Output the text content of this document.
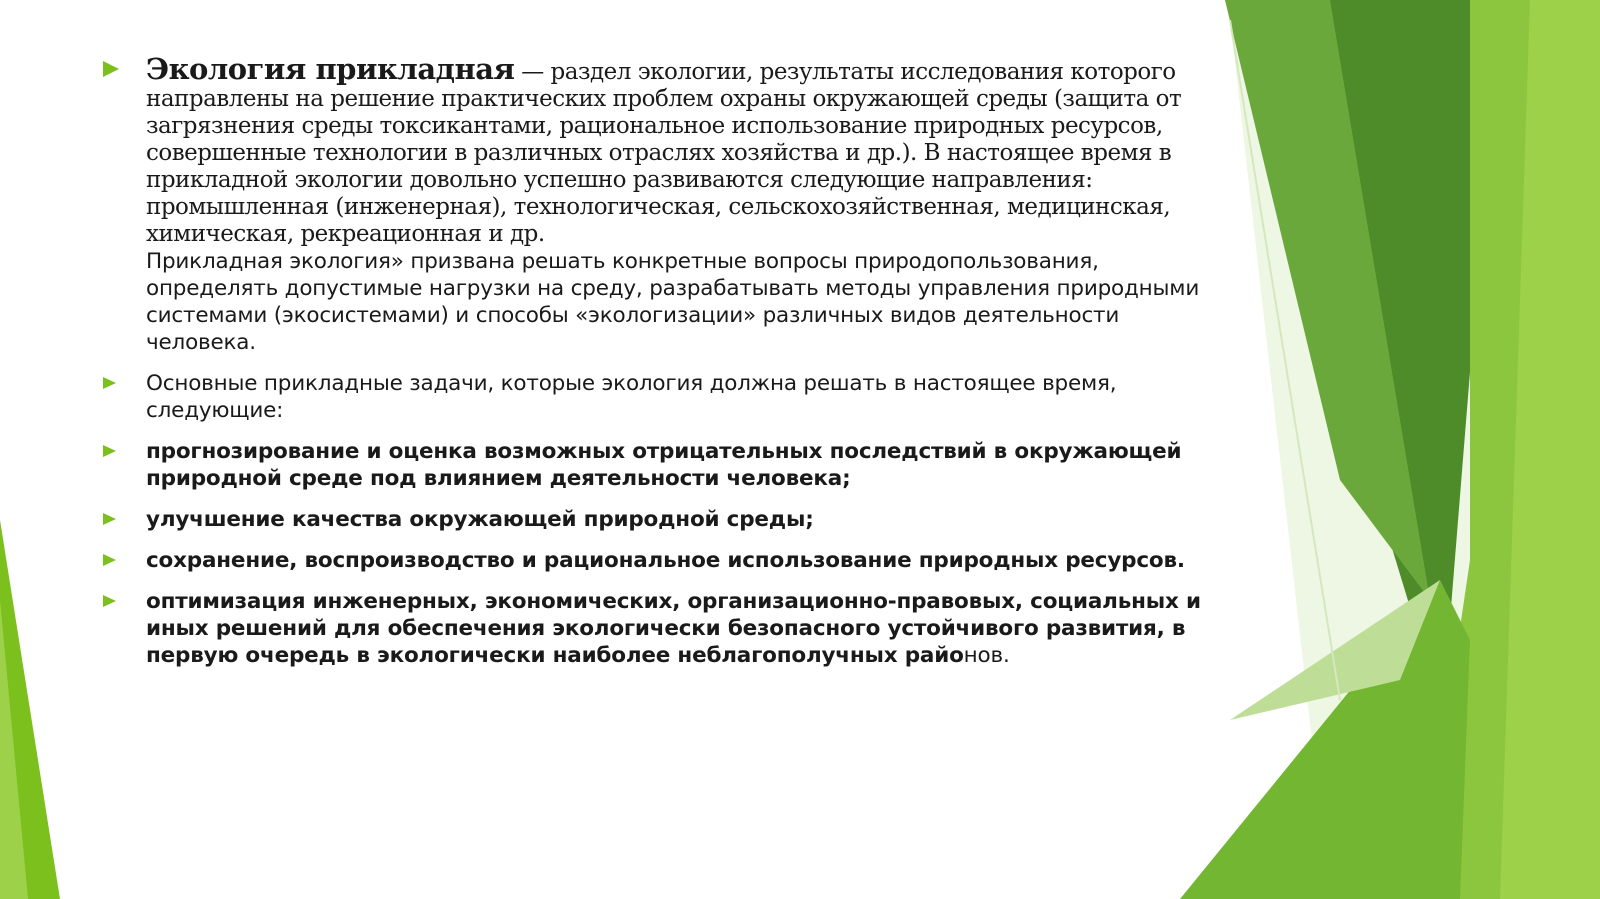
Экология прикладная — раздел экологии, результаты исследования которого направлены на решение практических проблем охраны окружающей среды (защита от загрязнения среды токсикантами, рациональное использование природных ресурсов, совершенные технологии в различных отраслях хозяйства и др.). В настоящее время в прикладной экологии довольно успешно развиваются следующие направления: промышленная (инженерная), технологическая, сельскохозяйственная, медицинская, химическая, рекреационная и др.
Прикладная экология» призвана решать конкретные вопросы природопользования, определять допустимые нагрузки на среду, разрабатывать методы управления природными системами (экосистемами) и способы «экологизации» различных видов деятельности человека.
Основные прикладные задачи, которые экология должна решать в настоящее время, следующие:
прогнозирование и оценка возможных отрицательных последствий в окружающей природной среде под влиянием деятельности человека;
улучшение качества окружающей природной среды;
сохранение, воспроизводство и рациональное использование природных ресурсов.
оптимизация инженерных, экономических, организационно-правовых, социальных и иных решений для обеспечения экологически безопасного устойчивого развития, в первую очередь в экологически наиболее неблагополучных районов.
